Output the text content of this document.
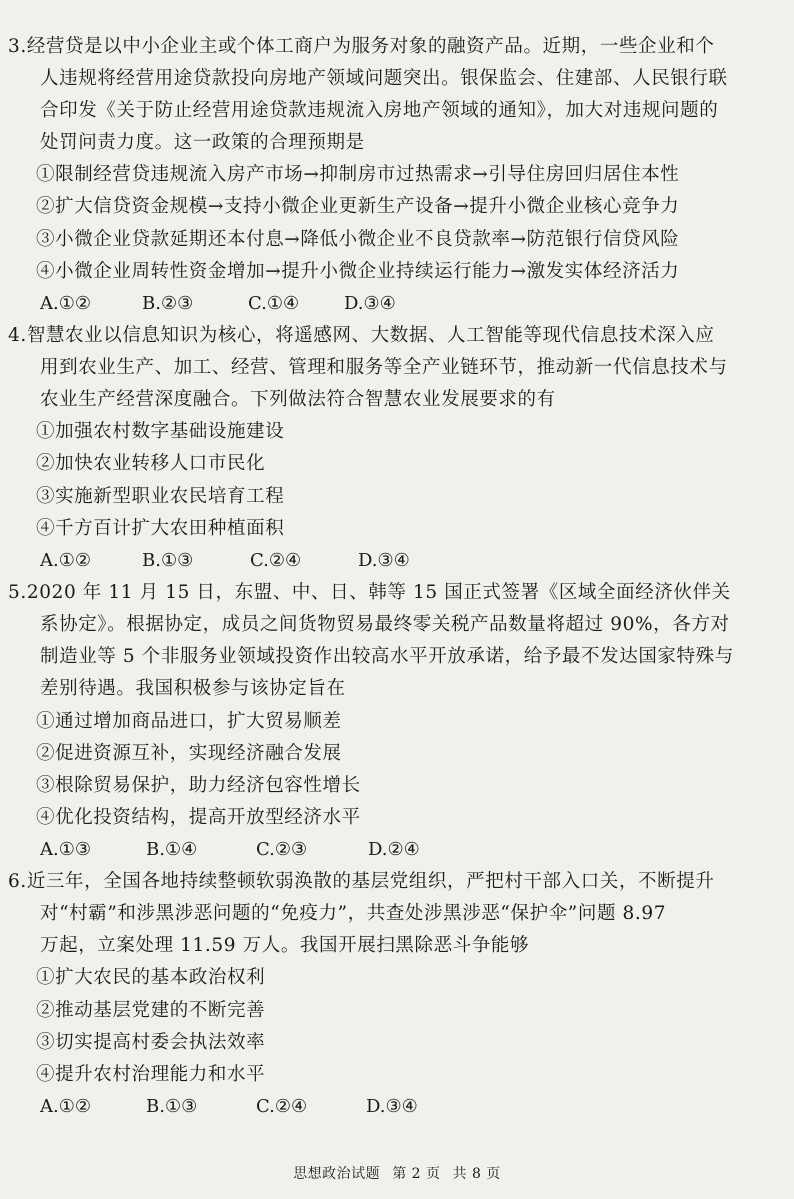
3.经营贷是以中小企业主或个体工商户为服务对象的融资产品。近期，一些企业和个
人违规将经营用途贷款投向房地产领域问题突出。银保监会、住建部、人民银行联
合印发《关于防止经营用途贷款违规流入房地产领域的通知》，加大对违规问题的
处罚问责力度。这一政策的合理预期是
①限制经营贷违规流入房产市场→抑制房市过热需求→引导住房回归居住本性
②扩大信贷资金规模→支持小微企业更新生产设备→提升小微企业核心竞争力
③小微企业贷款延期还本付息→降低小微企业不良贷款率→防范银行信贷风险
④小微企业周转性资金增加→提升小微企业持续运行能力→激发实体经济活力
A.①②	B.②③	C.①④ D.③④
4.智慧农业以信息知识为核心，将遥感网、大数据、人工智能等现代信息技术深入应
用到农业生产、加工、经营、管理和服务等全产业链环节，推动新一代信息技术与
农业生产经营深度融合。下列做法符合智慧农业发展要求的有
①加强农村数字基础设施建设
②加快农业转移人口市民化
③实施新型职业农民培育工程
④千方百计扩大农田种植面积
A.①②	B.①③	C.②④	D.③④
5.2020 年 11 月 15 日，东盟、中、日、韩等 15 国正式签署《区域全面经济伙伴关
系协定》。根据协定，成员之间货物贸易最终零关税产品数量将超过 90%，各方对
制造业等 5 个非服务业领域投资作出较高水平开放承诺，给予最不发达国家特殊与
差别待遇。我国积极参与该协定旨在
①通过增加商品进口，扩大贸易顺差
②促进资源互补，实现经济融合发展
③根除贸易保护，助力经济包容性增长
④优化投资结构，提高开放型经济水平
A.①③	B.①④	C.②③	D.②④
6.近三年，全国各地持续整顿软弱涣散的基层党组织，严把村干部入口关，不断提升
对“村霸”和涉黑涉恶问题的“免疫力”，共查处涉黑涉恶“保护伞”问题 8.97
万起，立案处理 11.59 万人。我国开展扫黑除恶斗争能够
①扩大农民的基本政治权利
②推动基层党建的不断完善
③切实提高村委会执法效率
④提升农村治理能力和水平
A.①②	B.①③	C.②④	D.③④
思想政治试题 第 2 页 共 8 页
